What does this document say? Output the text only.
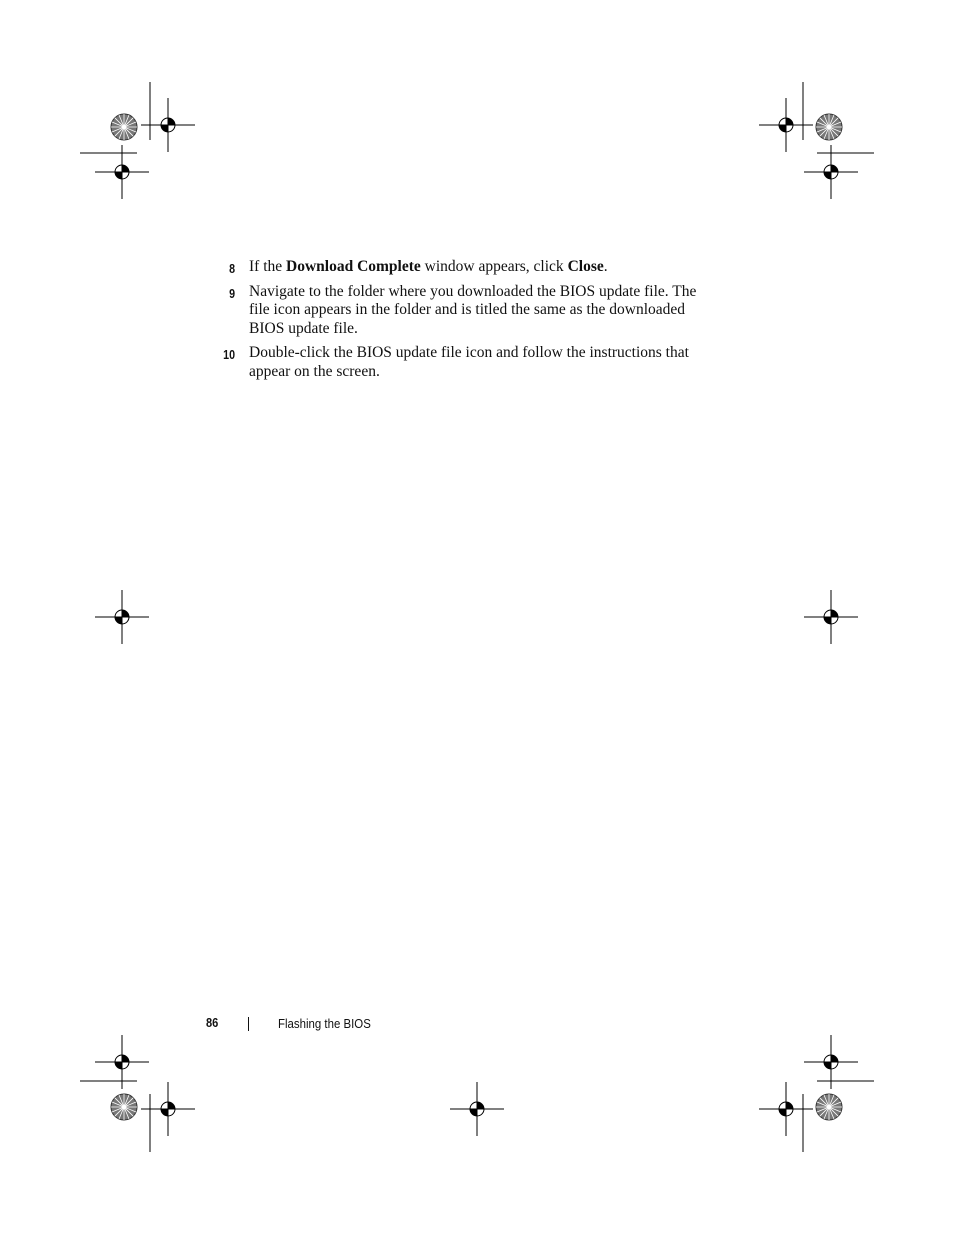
8 If the Download Complete window appears, click Close.
9 Navigate to the folder where you downloaded the BIOS update file. The file icon appears in the folder and is titled the same as the downloaded BIOS update file.
10 Double-click the BIOS update file icon and follow the instructions that appear on the screen.
86	Flashing the BIOS
